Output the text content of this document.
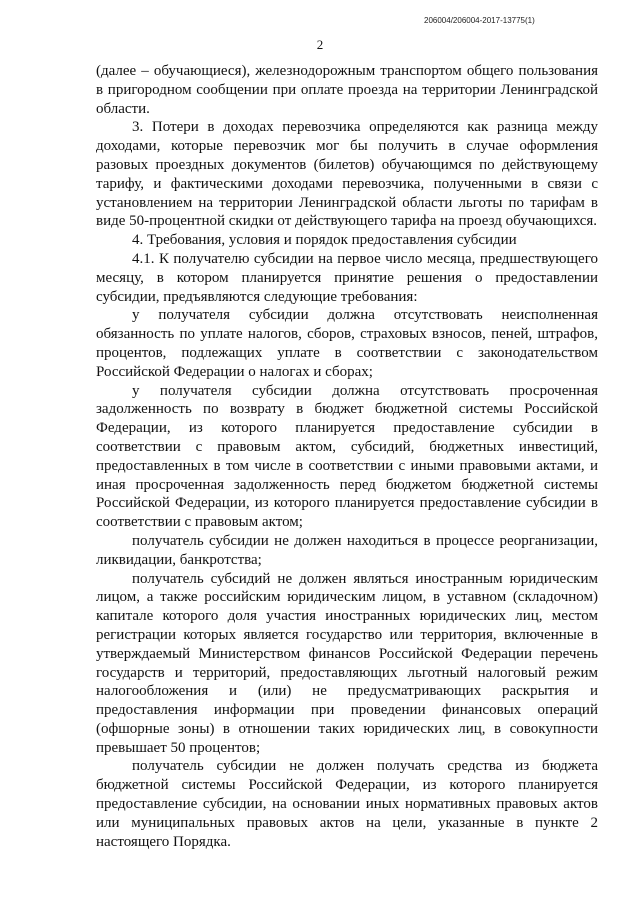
206004/206004-2017-13775(1)
2

(далее – обучающиеся), железнодорожным транспортом общего пользования в пригородном сообщении при оплате проезда на территории Ленинградской области.

3. Потери в доходах перевозчика определяются как разница между доходами, которые перевозчик мог бы получить в случае оформления разовых проездных документов (билетов) обучающимся по действующему тарифу, и фактическими доходами перевозчика, полученными в связи с установлением на территории Ленинградской области льготы по тарифам в виде 50-процентной скидки от действующего тарифа на проезд обучающихся.

4. Требования, условия и порядок предоставления субсидии

4.1. К получателю субсидии на первое число месяца, предшествующего месяцу, в котором планируется принятие решения о предоставлении субсидии, предъявляются следующие требования:

у получателя субсидии должна отсутствовать неисполненная обязанность по уплате налогов, сборов, страховых взносов, пеней, штрафов, процентов, подлежащих уплате в соответствии с законодательством Российской Федерации о налогах и сборах;

у получателя субсидии должна отсутствовать просроченная задолженность по возврату в бюджет бюджетной системы Российской Федерации, из которого планируется предоставление субсидии в соответствии с правовым актом, субсидий, бюджетных инвестиций, предоставленных в том числе в соответствии с иными правовыми актами, и иная просроченная задолженность перед бюджетом бюджетной системы Российской Федерации, из которого планируется предоставление субсидии в соответствии с правовым актом;

получатель субсидии не должен находиться в процессе реорганизации, ликвидации, банкротства;

получатель субсидий не должен являться иностранным юридическим лицом, а также российским юридическим лицом, в уставном (складочном) капитале которого доля участия иностранных юридических лиц, местом регистрации которых является государство или территория, включенные в утверждаемый Министерством финансов Российской Федерации перечень государств и территорий, предоставляющих льготный налоговый режим налогообложения и (или) не предусматривающих раскрытия и предоставления информации при проведении финансовых операций (офшорные зоны) в отношении таких юридических лиц, в совокупности превышает 50 процентов;

получатель субсидии не должен получать средства из бюджета бюджетной системы Российской Федерации, из которого планируется предоставление субсидии, на основании иных нормативных правовых актов или муниципальных правовых актов на цели, указанные в пункте 2 настоящего Порядка.
